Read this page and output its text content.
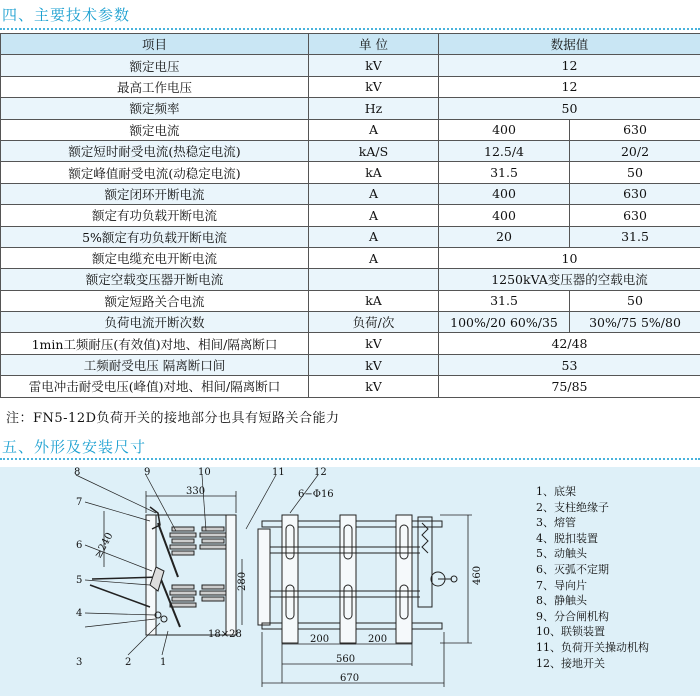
四、主要技术参数
项目	单 位	数据值	
额定电压	kV	12	
最高工作电压	kV	12	
额定频率	Hz	50	
额定电流	A	400	630
额定短时耐受电流(热稳定电流)	kA/S	12.5/4	20/2
额定峰值耐受电流(动稳定电流)	kA	31.5	50
额定闭环开断电流	A	400	630
额定有功负载开断电流	A	400	630
5%额定有功负载开断电流	A	20	31.5
额定电缆充电开断电流	A	10	
额定空载变压器开断电流		1250kVA变压器的空载电流	
额定短路关合电流	kA	31.5	50
负荷电流开断次数	负荷/次	100%/20 60%/35	30%/75 5%/80
1min工频耐压(有效值)对地、相间/隔离断口	kV	42/48	
工频耐受电压 隔离断口间	kV	53	
雷电冲击耐受电压(峰值)对地、相间/隔离断口	kV	75/85	
注：FN5-12D负荷开关的接地部分也具有短路关合能力
五、外形及安装尺寸
8	9	10	11	12
7
6
5
4
3	2	1
330	6−Φ16
≥240
280
18×28
460
200	200
560
670
1、底架
2、支柱绝缘子
3、熔管
4、脱扣装置
5、动触头
6、灭弧不定期
7、导向片
8、静触头
9、分合闸机构
10、联锁装置
11、负荷开关操动机构
12、接地开关
